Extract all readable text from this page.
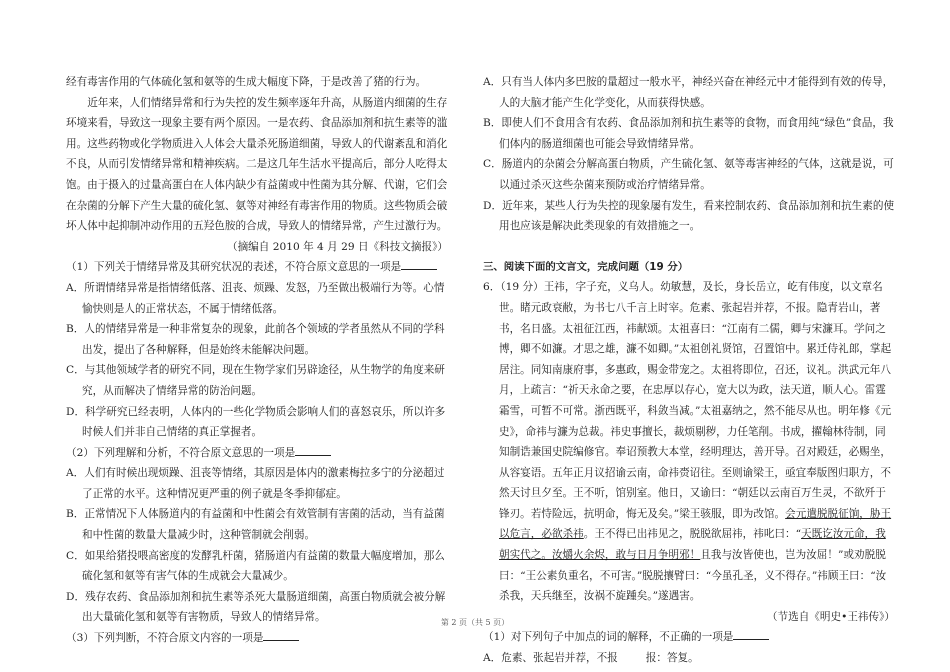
经有毒害作用的气体硫化氢和氨等的生成大幅度下降，于是改善了猪的行为。

近年来，人们情绪异常和行为失控的发生频率逐年升高，从肠道内细菌的生存环境来看，导致这一现象主要有两个原因。一是农药、食品添加剂和抗生素等的滥用。这些药物或化学物质进入人体会大量杀死肠道细菌，导致人的代谢紊乱和消化不良，从而引发情绪异常和精神疾病。二是这几年生活水平提高后，部分人吃得太饱。由于摄入的过量高蛋白在人体内缺少有益菌或中性菌为其分解、代谢，它们会在杂菌的分解下产生大量的硫化氢、氨等对神经有毒害作用的物质。这些物质会破坏人体中起抑制冲动作用的五羟色胺的合成，导致人的情绪异常，产生过激行为。

（摘编自 2010 年 4 月 29 日《科技文摘报》）

（1）下列关于情绪异常及其研究状况的表述，不符合原文意思的一项是

A．所谓情绪异常是指情绪低落、沮丧、烦躁、发怒，乃至做出极端行为等。心情愉快则是人的正常状态，不属于情绪低落。

B．人的情绪异常是一种非常复杂的现象，此前各个领域的学者虽然从不同的学科出发，提出了各种解释，但是始终未能解决问题。

C．与其他领域学者的研究不同，现在生物学家们另辟途径，从生物学的角度来研究，从而解决了情绪异常的防治问题。

D．科学研究已经表明，人体内的一些化学物质会影响人们的喜怒哀乐，所以许多时候人们并非自己情绪的真正掌握者。

（2）下列理解和分析，不符合原文意思的一项是

A．人们有时候出现烦躁、沮丧等情绪，其原因是体内的激素梅拉多宁的分泌超过了正常的水平。这种情况更严重的例子就是冬季抑郁症。

B．正常情况下人体肠道内的有益菌和中性菌会有效管制有害菌的活动，当有益菌和中性菌的数量大量减少时，这种管制就会削弱。

C．如果给猪投喂高密度的发酵乳杆菌，猪肠道内有益菌的数量大幅度增加，那么硫化氢和氨等有害气体的生成就会大量减少。

D．残存农药、食品添加剂和抗生素等杀死大量肠道细菌，高蛋白物质就会被分解出大量硫化氢和氨等有害物质，导致人的情绪异常。

（3）下列判断，不符合原文内容的一项是

A．只有当人体内多巴胺的量超过一般水平，神经兴奋在神经元中才能得到有效的传导，人的大脑才能产生化学变化，从而获得快感。

B．即使人们不食用含有农药、食品添加剂和抗生素等的食物，而食用纯“绿色”食品，我们体内的肠道细菌也可能会导致情绪异常。

C．肠道内的杂菌会分解高蛋白物质，产生硫化氢、氨等毒害神经的气体，这就是说，可以通过杀灭这些杂菌来预防或治疗情绪异常。

D．近年来，某些人行为失控的现象屡有发生，看来控制农药、食品添加剂和抗生素的使用也应该是解决此类现象的有效措施之一。

三、阅读下面的文言文，完成问题（19 分）

6．（19 分）王祎，字子充，义乌人。幼敏慧，及长，身长岳立，屹有伟度，以文章名世。睹元政衰敝，为书七八千言上时宰。危素、张起岩并荐，不报。隐青岩山，著书，名日盛。太祖征江西，祎献颂。太祖喜曰：“江南有二儒，卿与宋濂耳。学问之博，卿不如濂。才思之雄，濂不如卿。”太祖创礼贤馆，召置馆中。累迁侍礼郎，掌起居注。同知南康府事，多惠政，赐金带宠之。太祖将即位，召还，议礼。洪武元年八月，上疏言：“祈天永命之要，在忠厚以存心，宽大以为政，法天道，顺人心。雷霆霜雪，可暂不可常。浙西既平，科敛当减。”太祖嘉纳之，然不能尽从也。明年修《元史》，命祎与濂为总裁。祎史事擅长，裁烦剔秽，力任笔削。书成，擢翰林待制，同知制诰兼国史院编修官。奉诏预教大本堂，经明理达，善开导。召对殿廷，必赐坐，从容宴语。五年正月议招谕云南，命祎赍诏往。至则谕梁王，亟宜奉版图归职方，不然天讨旦夕至。王不听，馆别室。他日，又谕曰：“朝廷以云南百万生灵，不欲歼于锋刃。若恃险远，抗明命，悔无及矣。”梁王骇服，即为改馆。会元遣脱脱征饷，胁王以危言，必欲杀祎。王不得已出祎见之，脱脱欲屈祎，祎叱曰：“天既讫汝元命，我朝实代之。汝爝火余烬，敢与日月争明邪！且我与汝皆使也，岂为汝屈！”或劝脱脱曰：“王公素负重名，不可害。”脱脱攘臂曰：“今虽孔圣，义不得存。”祎顾王曰：“汝杀我，天兵继至，汝祸不旋踵矣。”遂遇害。

（节选自《明史•王祎传》）

（1）对下列句子中加点的词的解释，不正确的一项是

A．危素、张起岩并荐，不报	报：答复。

第 2 页（共 5 页）
